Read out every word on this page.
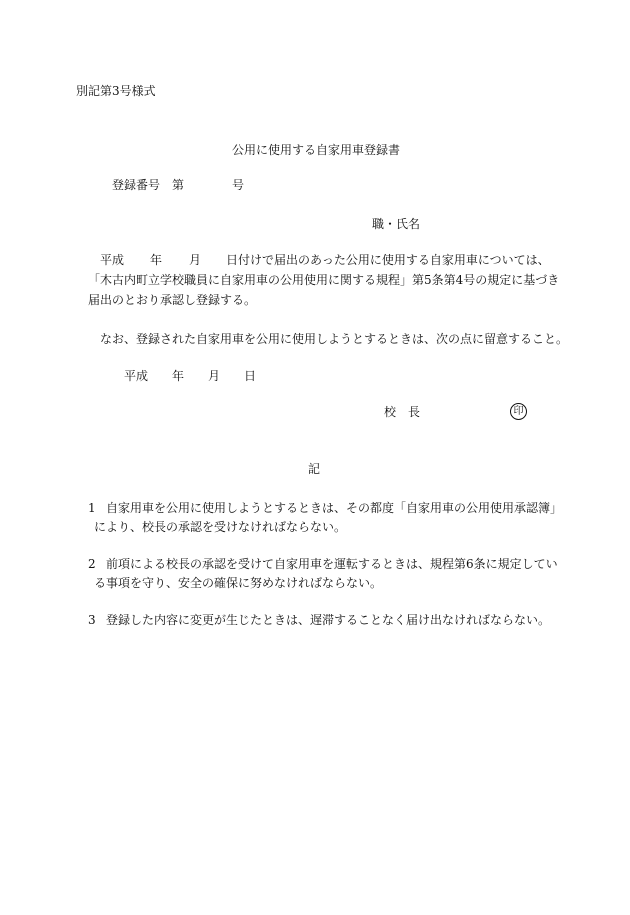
別記第3号様式
公用に使用する自家用車登録書
登録番号 第	号
職・氏名
平成 年 月 日付けで届出のあった公用に使用する自家用車については、
「木古内町立学校職員に自家用車の公用使用に関する規程」第5条第4号の規定に基づき
届出のとおり承認し登録する。
なお、登録された自家用車を公用に使用しようとするときは、次の点に留意すること。
平成 年 月 日
校　長	印
記
1 自家用車を公用に使用しようとするときは、その都度「自家用車の公用使用承認簿」
により、校長の承認を受けなければならない。
2 前項による校長の承認を受けて自家用車を運転するときは、規程第6条に規定してい
る事項を守り、安全の確保に努めなければならない。
3 登録した内容に変更が生じたときは、遅滞することなく届け出なければならない。
